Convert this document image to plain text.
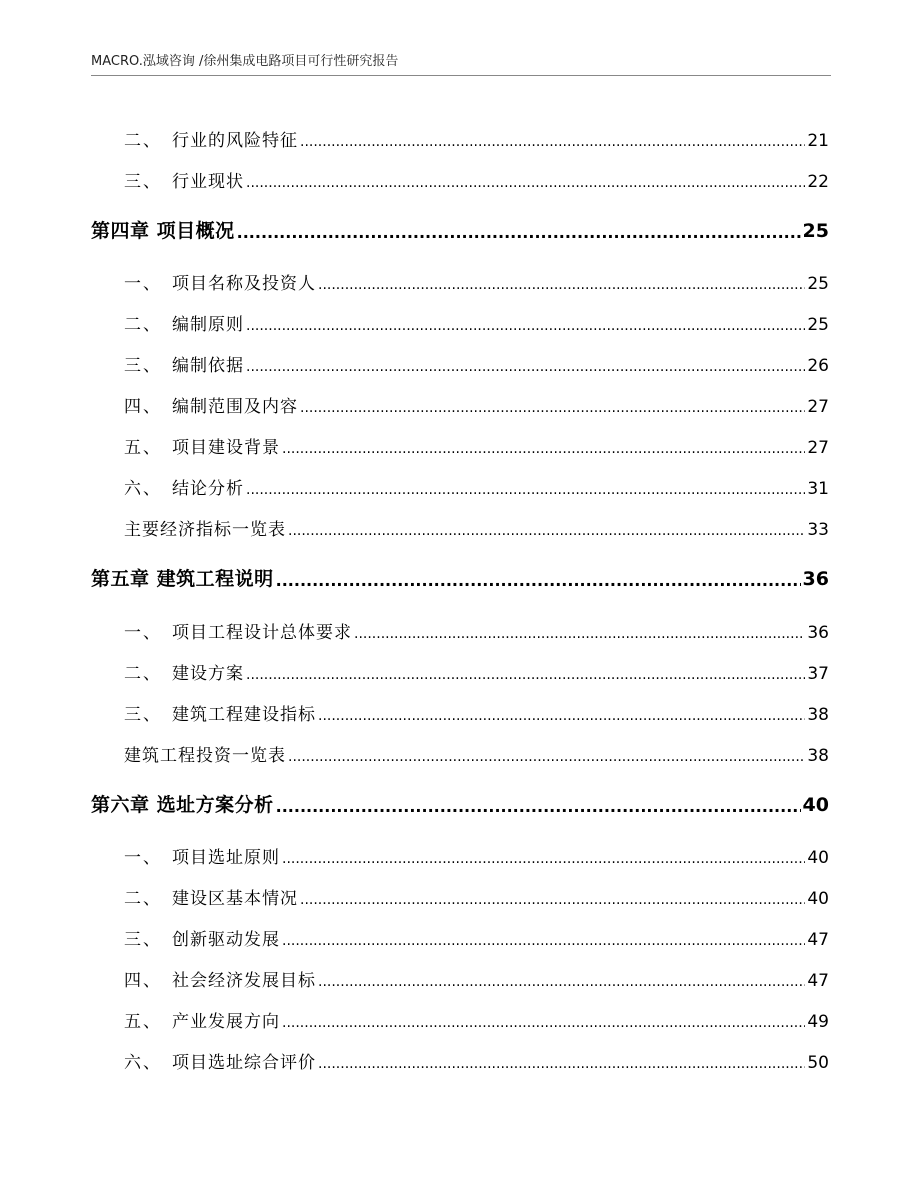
MACRO.泓域咨询 /徐州集成电路项目可行性研究报告
二、 行业的风险特征 .....	21
三、 行业现状 .....	22
第四章 项目概况 .....	25
一、 项目名称及投资人 .....	25
二、 编制原则 .....	25
三、 编制依据 .....	26
四、 编制范围及内容 .....	27
五、 项目建设背景 .....	27
六、 结论分析 .....	31
主要经济指标一览表 .....	33
第五章 建筑工程说明 .....	36
一、 项目工程设计总体要求 .....	36
二、 建设方案 .....	37
三、 建筑工程建设指标 .....	38
建筑工程投资一览表 .....	38
第六章 选址方案分析 .....	40
一、 项目选址原则 .....	40
二、 建设区基本情况 .....	40
三、 创新驱动发展 .....	47
四、 社会经济发展目标 .....	47
五、 产业发展方向 .....	49
六、 项目选址综合评价 .....	50
